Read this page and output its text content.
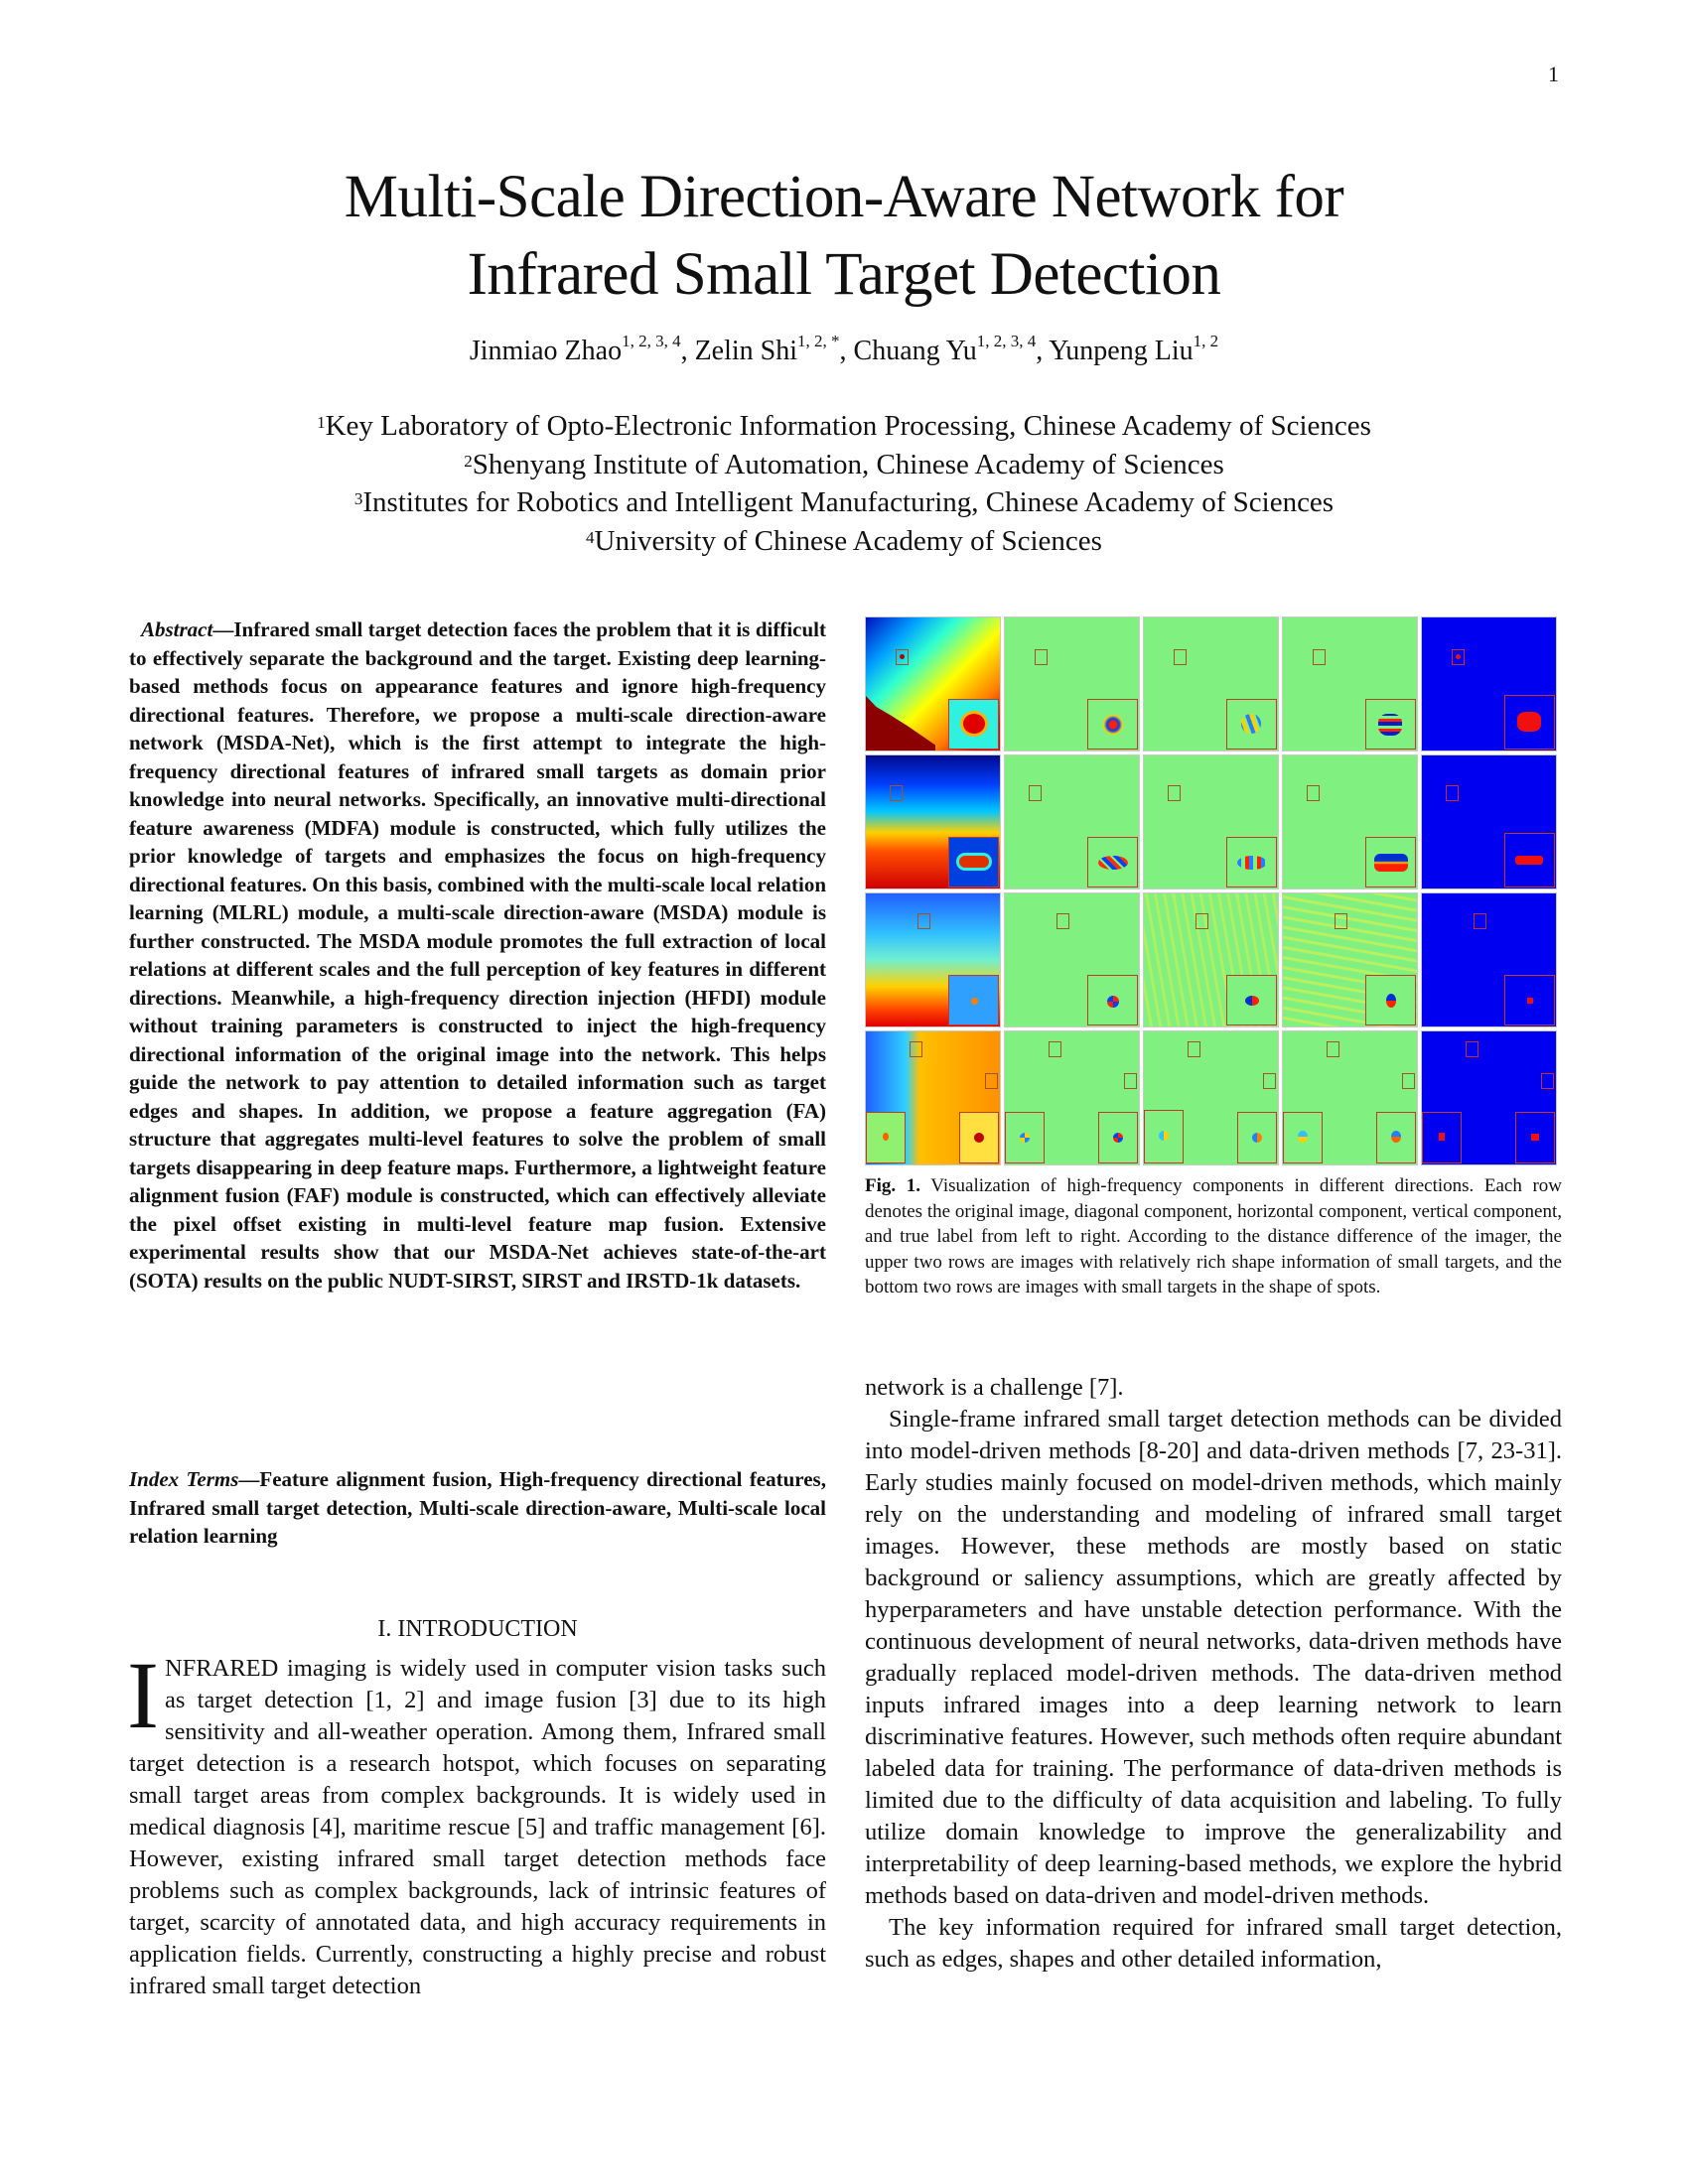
1
Multi-Scale Direction-Aware Network for
Infrared Small Target Detection
Jinmiao Zhao$^{1, 2, 3, 4}$, Zelin Shi$^{1, 2, *}$, Chuang Yu$^{1, 2, 3, 4}$, Yunpeng Liu$^{1, 2}$
$^1$Key Laboratory of Opto-Electronic Information Processing, Chinese Academy of Sciences
$^2$Shenyang Institute of Automation, Chinese Academy of Sciences
$^3$Institutes for Robotics and Intelligent Manufacturing, Chinese Academy of Sciences
$^4$University of Chinese Academy of Sciences

Abstract—Infrared small target detection faces the problem that it is difficult to effectively separate the background and the target. Existing deep learning-based methods focus on appearance features and ignore high-frequency directional features. Therefore, we propose a multi-scale direction-aware network (MSDA-Net), which is the first attempt to integrate the high-frequency directional features of infrared small targets as domain prior knowledge into neural networks. Specifically, an innovative multi-directional feature awareness (MDFA) module is constructed, which fully utilizes the prior knowledge of targets and emphasizes the focus on high-frequency directional features. On this basis, combined with the multi-scale local relation learning (MLRL) module, a multi-scale direction-aware (MSDA) module is further constructed. The MSDA module promotes the full extraction of local relations at different scales and the full perception of key features in different directions. Meanwhile, a high-frequency direction injection (HFDI) module without training parameters is constructed to inject the high-frequency directional information of the original image into the network. This helps guide the network to pay attention to detailed information such as target edges and shapes. In addition, we propose a feature aggregation (FA) structure that aggregates multi-level features to solve the problem of small targets disappearing in deep feature maps. Furthermore, a lightweight feature alignment fusion (FAF) module is constructed, which can effectively alleviate the pixel offset existing in multi-level feature map fusion. Extensive experimental results show that our MSDA-Net achieves state-of-the-art (SOTA) results on the public NUDT-SIRST, SIRST and IRSTD-1k datasets.

Index Terms—Feature alignment fusion, High-frequency directional features, Infrared small target detection, Multi-scale direction-aware, Multi-scale local relation learning
I. INTRODUCTION

INFRARED imaging is widely used in computer vision tasks such as target detection [1, 2] and image fusion [3] due to its high sensitivity and all-weather operation. Among them, Infrared small target detection is a research hotspot, which focuses on separating small target areas from complex backgrounds. It is widely used in medical diagnosis [4], maritime rescue [5] and traffic management [6]. However, existing infrared small target detection methods face problems such as complex backgrounds, lack of intrinsic features of target, scarcity of annotated data, and high accuracy requirements in application fields. Currently, constructing a highly precise and robust infrared small target detection

Fig. 1. Visualization of high-frequency components in different directions. Each row denotes the original image, diagonal component, horizontal component, vertical component, and true label from left to right. According to the distance difference of the imager, the upper two rows are images with relatively rich shape information of small targets, and the bottom two rows are images with small targets in the shape of spots.

network is a challenge [7].

Single-frame infrared small target detection methods can be divided into model-driven methods [8-20] and data-driven methods [7, 23-31]. Early studies mainly focused on model-driven methods, which mainly rely on the understanding and modeling of infrared small target images. However, these methods are mostly based on static background or saliency assumptions, which are greatly affected by hyperparameters and have unstable detection performance. With the continuous development of neural networks, data-driven methods have gradually replaced model-driven methods. The data-driven method inputs infrared images into a deep learning network to learn discriminative features. However, such methods often require abundant labeled data for training. The performance of data-driven methods is limited due to the difficulty of data acquisition and labeling. To fully utilize domain knowledge to improve the generalizability and interpretability of deep learning-based methods, we explore the hybrid methods based on data-driven and model-driven methods.

The key information required for infrared small target detection, such as edges, shapes and other detailed information,
